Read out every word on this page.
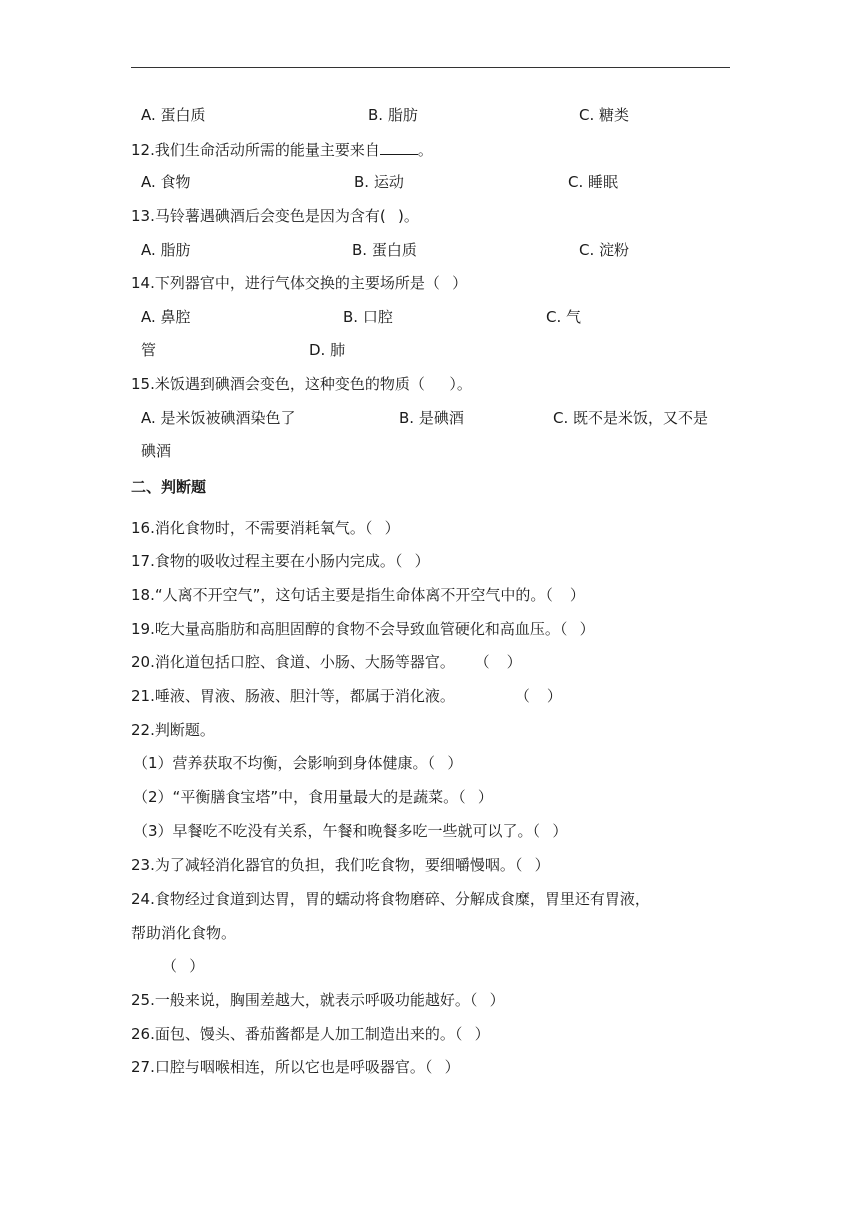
A. 蛋白质	B. 脂肪	C. 糖类
12.我们生命活动所需的能量主要来自	。
A. 食物	B. 运动	C. 睡眠
13.马铃薯遇碘酒后会变色是因为含有(  )。
A. 脂肪	B. 蛋白质	C. 淀粉
14.下列器官中，进行气体交换的主要场所是（  ）
A. 鼻腔	B. 口腔	C. 气
管	D. 肺
15.米饭遇到碘酒会变色，这种变色的物质（   ）。
A. 是米饭被碘酒染色了	B. 是碘酒	C. 既不是米饭，又不是
碘酒
二、判断题
16.消化食物时，不需要消耗氧气。（  ）
17.食物的吸收过程主要在小肠内完成。（  ）
18.“人离不开空气”，这句话主要是指生命体离不开空气中的。（   ）
19.吃大量高脂肪和高胆固醇的食物不会导致血管硬化和高血压。（  ）
20.消化道包括口腔、食道、小肠、大肠等器官。  （   ）
21.唾液、胃液、肠液、胆汁等，都属于消化液。    （   ）
22.判断题。
（1）营养获取不均衡，会影响到身体健康。（  ）
（2）“平衡膳食宝塔”中，食用量最大的是蔬菜。（  ）
（3）早餐吃不吃没有关系，午餐和晚餐多吃一些就可以了。（  ）
23.为了减轻消化器官的负担，我们吃食物，要细嚼慢咽。（  ）
24.食物经过食道到达胃，胃的蠕动将食物磨碎、分解成食糜，胃里还有胃液，
帮助消化食物。
（  ）
25.一般来说，胸围差越大，就表示呼吸功能越好。（  ）
26.面包、馒头、番茄酱都是人加工制造出来的。（  ）
27.口腔与咽喉相连，所以它也是呼吸器官。（  ）
